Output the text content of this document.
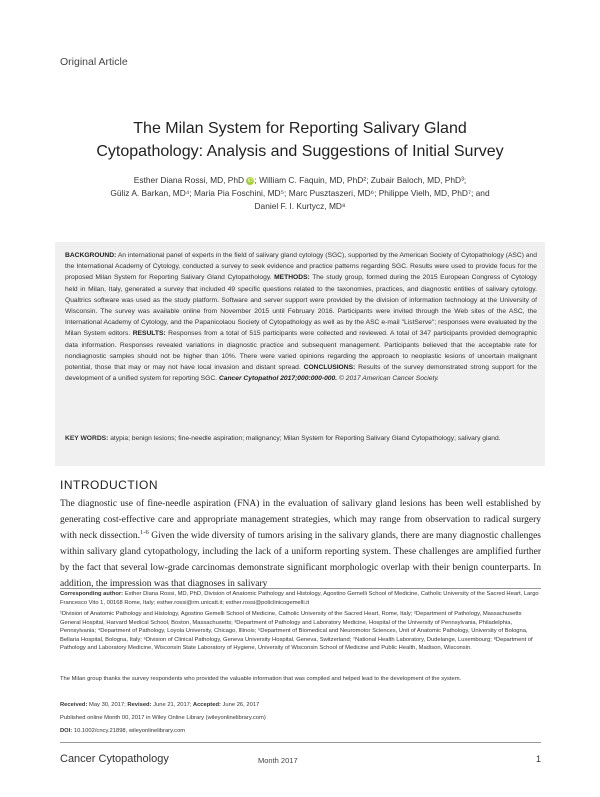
Original Article
The Milan System for Reporting Salivary Gland
Cytopathology: Analysis and Suggestions of Initial Survey
Esther Diana Rossi, MD, PhD iD ; William C. Faquin, MD, PhD²; Zubair Baloch, MD, PhD³;
Güliz A. Barkan, MD⁴; Maria Pia Foschini, MD⁵; Marc Pusztaszeri, MD⁶; Philippe Vielh, MD, PhD⁷; and
Daniel F. I. Kurtycz, MD⁸
BACKGROUND: An international panel of experts in the field of salivary gland cytology (SGC), supported by the American Society of Cytopathology (ASC) and the International Academy of Cytology, conducted a survey to seek evidence and practice patterns regarding SGC. Results were used to provide focus for the proposed Milan System for Reporting Salivary Gland Cytopathology. METHODS: The study group, formed during the 2015 European Congress of Cytology held in Milan, Italy, generated a survey that included 49 specific questions related to the taxonomies, practices, and diagnostic entities of salivary cytology. Qualtrics software was used as the study platform. Software and server support were provided by the division of information technology at the University of Wisconsin. The survey was available online from November 2015 until February 2016. Participants were invited through the Web sites of the ASC, the International Academy of Cytology, and the Papanicolaou Society of Cytopathology as well as by the ASC e-mail "ListServe"; responses were evaluated by the Milan System editors. RESULTS: Responses from a total of 515 participants were collected and reviewed. A total of 347 participants provided demographic data information. Responses revealed variations in diagnostic practice and subsequent management. Participants believed that the acceptable rate for nondiagnostic samples should not be higher than 10%. There were varied opinions regarding the approach to neoplastic lesions of uncertain malignant potential, those that may or may not have local invasion and distant spread. CONCLUSIONS: Results of the survey demonstrated strong support for the development of a unified system for reporting SGC. Cancer Cytopathol 2017;000:000-000. © 2017 American Cancer Society.
KEY WORDS: atypia; benign lesions; fine-needle aspiration; malignancy; Milan System for Reporting Salivary Gland Cytopathology; salivary gland.
INTRODUCTION
The diagnostic use of fine-needle aspiration (FNA) in the evaluation of salivary gland lesions has been well established by generating cost-effective care and appropriate management strategies, which may range from observation to radical surgery with neck dissection.$^{1-6}$ Given the wide diversity of tumors arising in the salivary glands, there are many diagnostic challenges within salivary gland cytopathology, including the lack of a uniform reporting system. These challenges are amplified further by the fact that several low-grade carcinomas demonstrate significant morphologic overlap with their benign counterparts. In addition, the impression was that diagnoses in salivary
Corresponding author: Esther Diana Rossi, MD, PhD, Division of Anatomic Pathology and Histology, Agostino Gemelli School of Medicine, Catholic University of the Sacred Heart, Largo Francesco Vito 1, 00168 Rome, Italy; esther.rossi@rm.unicatt.it; esther.rossi@policlinicogemelli.it
¹Division of Anatomic Pathology and Histology, Agostino Gemelli School of Medicine, Catholic University of the Sacred Heart, Rome, Italy; ²Department of Pathology, Massachusetts General Hospital, Harvard Medical School, Boston, Massachusetts; ³Department of Pathology and Laboratory Medicine, Hospital of the University of Pennsylvania, Philadelphia, Pennsylvania; ⁴Department of Pathology, Loyola University, Chicago, Illinois; ⁵Department of Biomedical and Neuromotor Sciences, Unit of Anatomic Pathology, University of Bologna, Bellaria Hospital, Bologna, Italy; ⁶Division of Clinical Pathology, Geneva University Hospital, Geneva, Switzerland; ⁷National Health Laboratory, Dudelange, Luxembourg; ⁸Department of Pathology and Laboratory Medicine, Wisconsin State Laboratory of Hygiene, University of Wisconsin School of Medicine and Public Health, Madison, Wisconsin.
The Milan group thanks the survey respondents who provided the valuable information that was compiled and helped lead to the development of the system.
Received: May 30, 2017; Revised: June 21, 2017; Accepted: June 26, 2017
Published online Month 00, 2017 in Wiley Online Library (wileyonlinelibrary.com)
DOI: 10.1002/cncy.21898, wileyonlinelibrary.com
Cancer Cytopathology	Month 2017	1
